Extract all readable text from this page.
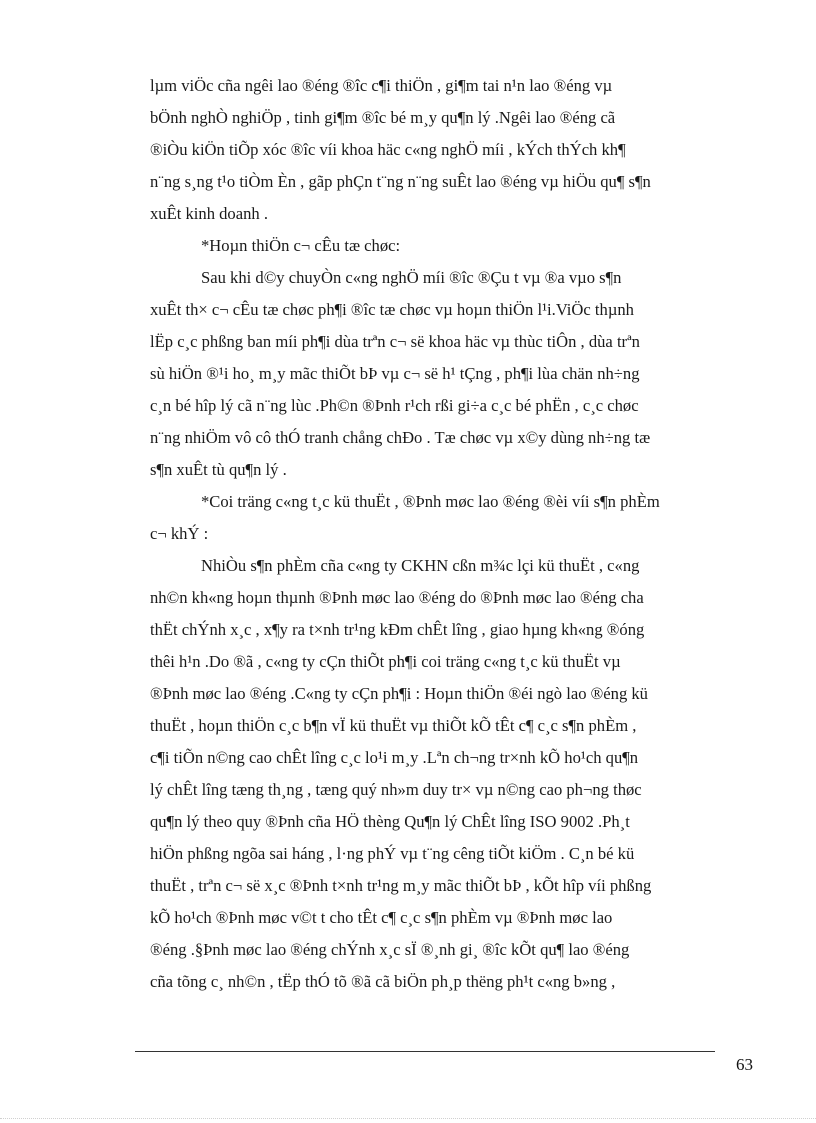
lµm viÖc cña ngêi lao ®éng ®îc c¶i thiÖn , gi¶m tai n¹n lao ®éng vµ
bÖnh nghÒ nghiÖp , tinh gi¶m ®îc bé m¸y qu¶n lý .Ngêi lao ®éng cã
®iÒu kiÖn tiÕp xóc ®îc víi khoa häc c«ng nghÖ míi , kÝch thÝch kh¶
n¨ng s¸ng t¹o tiÒm Èn , gãp phÇn t¨ng n¨ng suÊt lao ®éng vµ hiÖu qu¶ s¶n
xuÊt kinh doanh .

*Hoµn thiÖn c¬ cÊu tæ chøc:

Sau khi d©y chuyÒn c«ng nghÖ míi ®îc ®Çu t vµ ®a vµo s¶n
xuÊt th× c¬ cÊu tæ chøc ph¶i ®îc tæ chøc vµ hoµn thiÖn l¹i.ViÖc thµnh
lËp c¸c phßng ban míi ph¶i dùa trªn c¬ së khoa häc vµ thùc tiÔn , dùa trªn
sù hiÖn ®¹i ho¸ m¸y mãc thiÕt bÞ vµ c¬ së h¹ tÇng , ph¶i lùa chän nh÷ng
c¸n bé hîp lý cã n¨ng lùc .Ph©n ®Þnh r¹ch rßi gi÷a c¸c bé phËn , c¸c chøc
n¨ng nhiÖm vô cô thÓ tranh chång chÐo . Tæ chøc vµ x©y dùng nh÷ng tæ
s¶n xuÊt tù qu¶n lý .

*Coi träng c«ng t¸c kü thuËt , ®Þnh møc lao ®éng ®èi víi s¶n phÈm

c¬ khÝ :

NhiÒu s¶n phÈm cña c«ng ty CKHN cßn m¾c lçi kü thuËt , c«ng
nh©n kh«ng hoµn thµnh ®Þnh møc lao ®éng do ®Þnh møc lao ®éng cha
thËt chÝnh x¸c , x¶y ra t×nh tr¹ng kÐm chÊt lîng , giao hµng kh«ng ®óng
thêi h¹n .Do ®ã , c«ng ty cÇn thiÕt ph¶i coi träng c«ng t¸c kü thuËt vµ
®Þnh møc lao ®éng .C«ng ty cÇn ph¶i : Hoµn thiÖn ®éi ngò lao ®éng kü
thuËt , hoµn thiÖn c¸c b¶n vÏ kü thuËt vµ thiÕt kÕ tÊt c¶ c¸c s¶n phÈm ,
c¶i tiÕn n©ng cao chÊt lîng c¸c lo¹i m¸y .Lªn ch¬ng tr×nh kÕ ho¹ch qu¶n
lý chÊt lîng tæng th¸ng , tæng quý nh»m duy tr× vµ n©ng cao ph¬ng thøc
qu¶n lý theo quy ®Þnh cña HÖ thèng Qu¶n lý ChÊt lîng ISO 9002 .Ph¸t
hiÖn phßng ngõa sai háng , l·ng phÝ vµ t¨ng cêng tiÕt kiÖm . C¸n bé kü
thuËt , trªn c¬ së x¸c ®Þnh t×nh tr¹ng m¸y mãc thiÕt bÞ , kÕt hîp víi phßng
kÕ ho¹ch ®Þnh møc v©t t cho tÊt c¶ c¸c s¶n phÈm vµ ®Þnh møc lao
®éng .§Þnh møc lao ®éng chÝnh x¸c sÏ ®¸nh gi¸ ®îc kÕt qu¶ lao ®éng
cña tõng c¸ nh©n , tËp thÓ tõ ®ã cã biÖn ph¸p thëng ph¹t c«ng b»ng ,

63
